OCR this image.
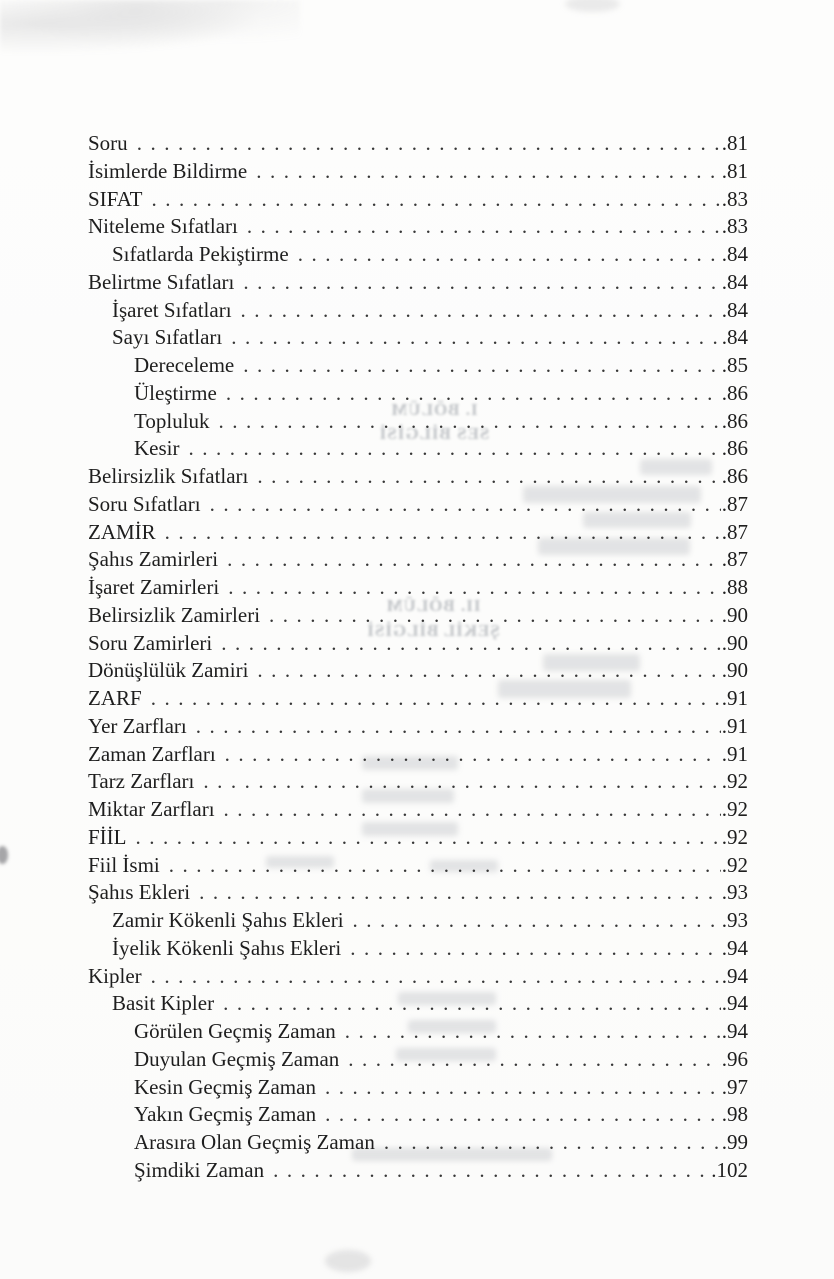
I. BÖLÜM
SES BİLGİSİ
II. BÖLÜM
ŞEKİL BİLGİSİ
Soru .....	. 81
İsimlerde Bildirme .....	. 81
SIFAT .....	. 83
Niteleme Sıfatları .....	. 83
Sıfatlarda Pekiştirme .....	. 84
Belirtme Sıfatları .....	. 84
İşaret Sıfatları .....	. 84
Sayı Sıfatları .....	. 84
Dereceleme .....	. 85
Üleştirme .....	. 86
Topluluk .....	. 86
Kesir .....	. 86
Belirsizlik Sıfatları .....	. 86
Soru Sıfatları .....	. 87
ZAMİR .....	. 87
Şahıs Zamirleri .....	. 87
İşaret Zamirleri .....	. 88
Belirsizlik Zamirleri .....	. 90
Soru Zamirleri .....	. 90
Dönüşlülük Zamiri .....	. 90
ZARF .....	. 91
Yer Zarfları .....	. 91
Zaman Zarfları .....	. 91
Tarz Zarfları .....	. 92
Miktar Zarfları .....	. 92
FİİL .....	. 92
Fiil İsmi .....	. 92
Şahıs Ekleri .....	. 93
Zamir Kökenli Şahıs Ekleri .....	. 93
İyelik Kökenli Şahıs Ekleri .....	. 94
Kipler .....	. 94
Basit Kipler .....	. 94
Görülen Geçmiş Zaman .....	. 94
Duyulan Geçmiş Zaman .....	. 96
Kesin Geçmiş Zaman .....	. 97
Yakın Geçmiş Zaman .....	. 98
Arasıra Olan Geçmiş Zaman .....	. 99
Şimdiki Zaman .....	. 102
